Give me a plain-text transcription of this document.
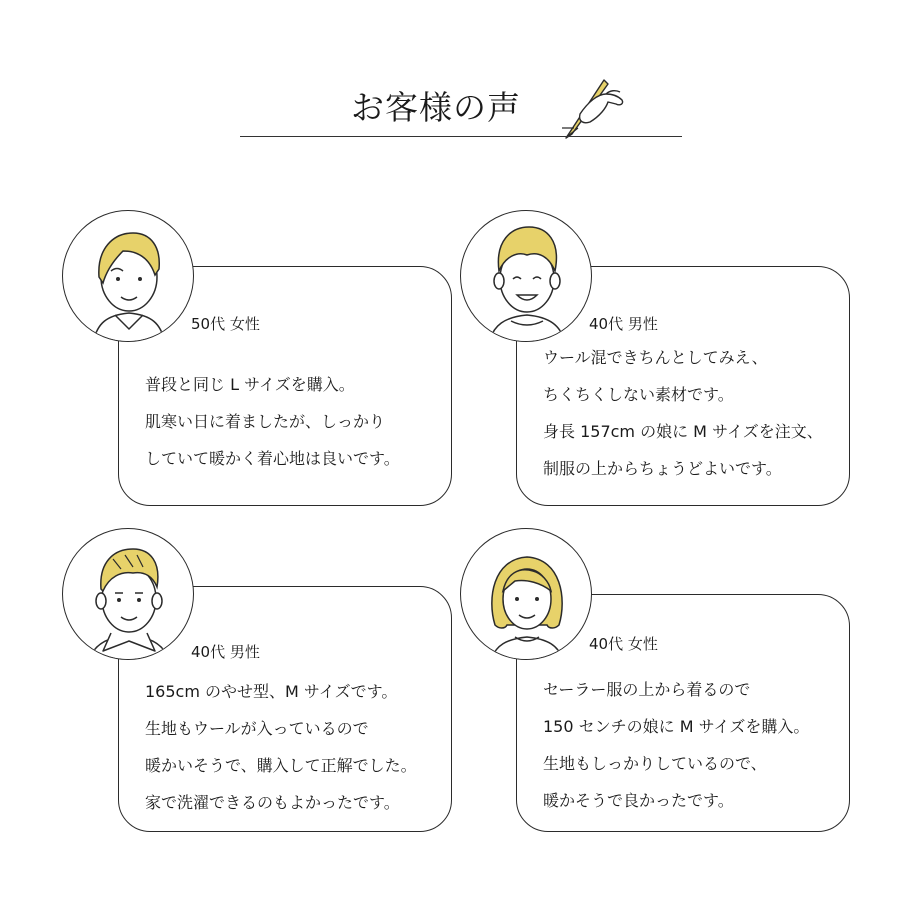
お客様の声
50代 女性
普段と同じ L サイズを購入。
肌寒い日に着ましたが、しっかり
していて暖かく着心地は良いです。
40代 男性
ウール混できちんとしてみえ、
ちくちくしない素材です。
身長 157cm の娘に M サイズを注文、
制服の上からちょうどよいです。
40代 男性
165cm のやせ型、M サイズです。
生地もウールが入っているので
暖かいそうで、購入して正解でした。
家で洗濯できるのもよかったです。
40代 女性
セーラー服の上から着るので
150 センチの娘に M サイズを購入。
生地もしっかりしているので、
暖かそうで良かったです。
